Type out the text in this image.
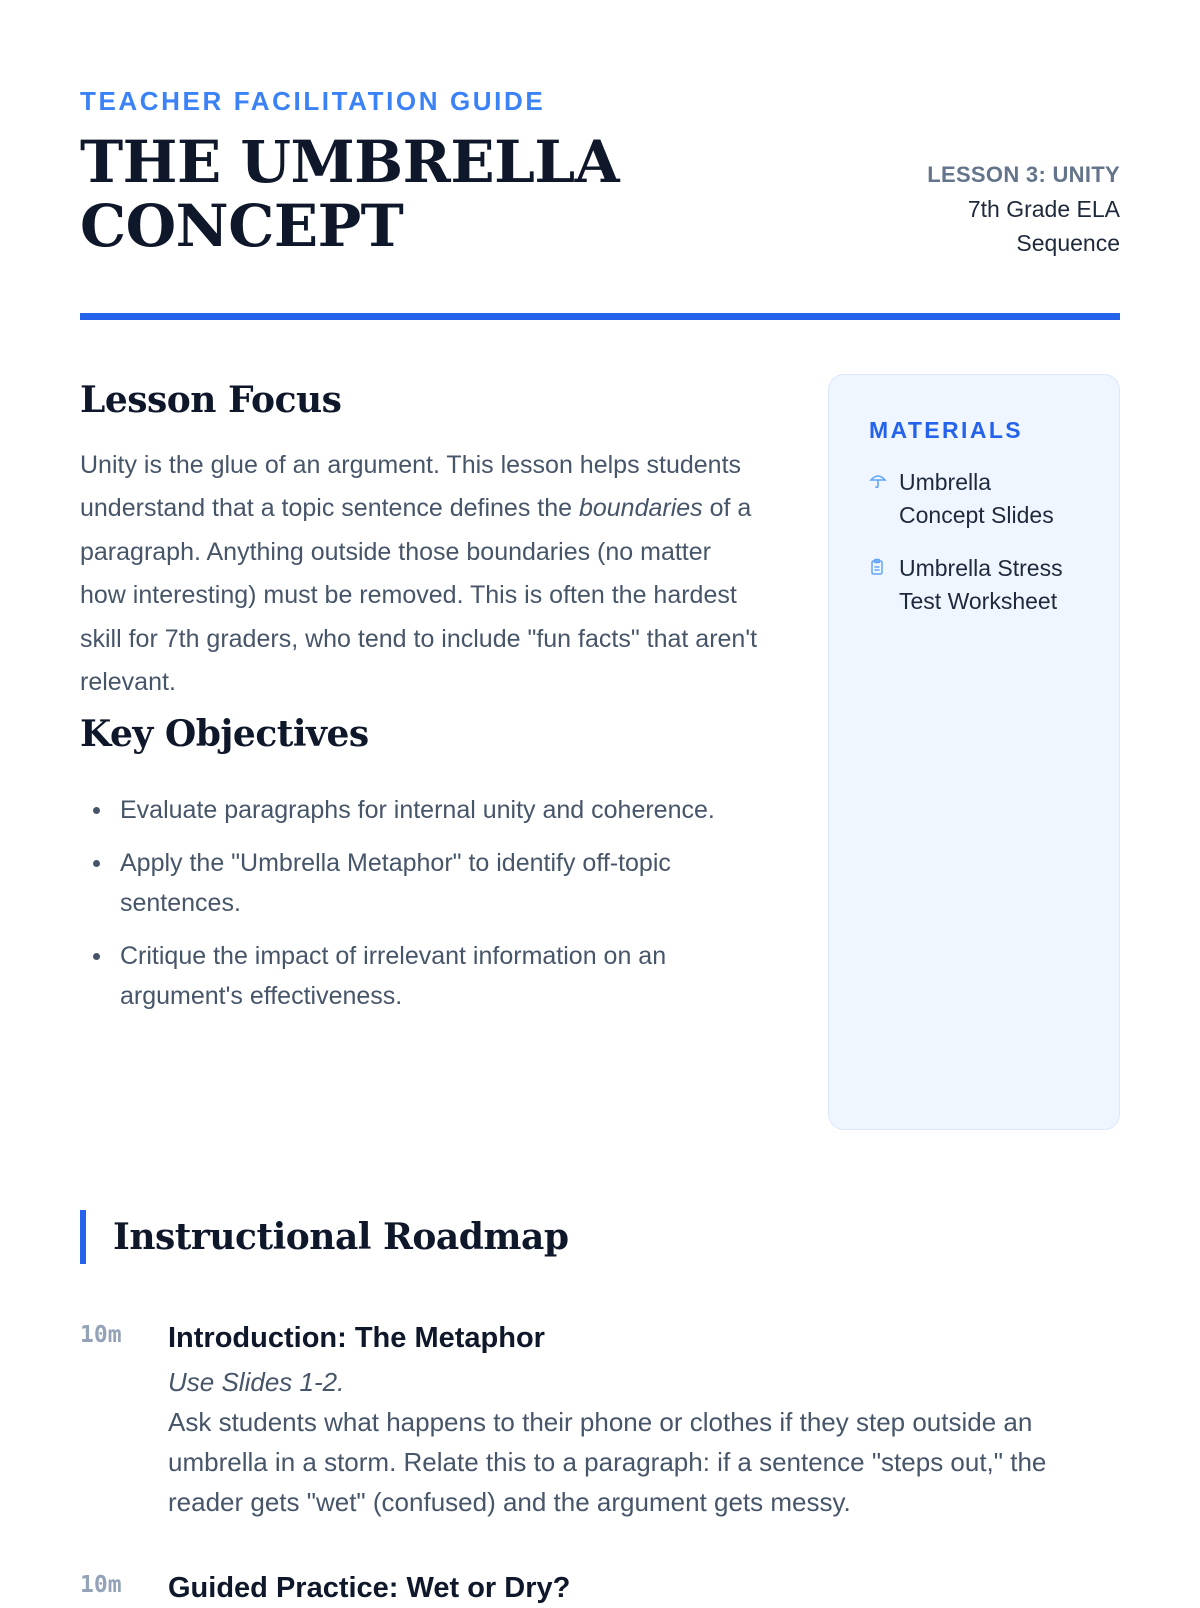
TEACHER FACILITATION GUIDE
THE UMBRELLA CONCEPT
LESSON 3: UNITY
7th Grade ELA
Sequence
Lesson Focus

Unity is the glue of an argument. This lesson helps students understand that a topic sentence defines the boundaries of a paragraph. Anything outside those boundaries (no matter how interesting) must be removed. This is often the hardest skill for 7th graders, who tend to include "fun facts" that aren't relevant.

Key Objectives
Evaluate paragraphs for internal unity and coherence.
Apply the "Umbrella Metaphor" to identify off-topic sentences.
Critique the impact of irrelevant information on an argument's effectiveness.
MATERIALS
Umbrella Concept Slides
Umbrella Stress Test Worksheet
Instructional Roadmap
10m Introduction: The Metaphor
Use Slides 1-2.
Ask students what happens to their phone or clothes if they step outside an umbrella in a storm. Relate this to a paragraph: if a sentence "steps out," the reader gets "wet" (confused) and the argument gets messy.
10m Guided Practice: Wet or Dry?
